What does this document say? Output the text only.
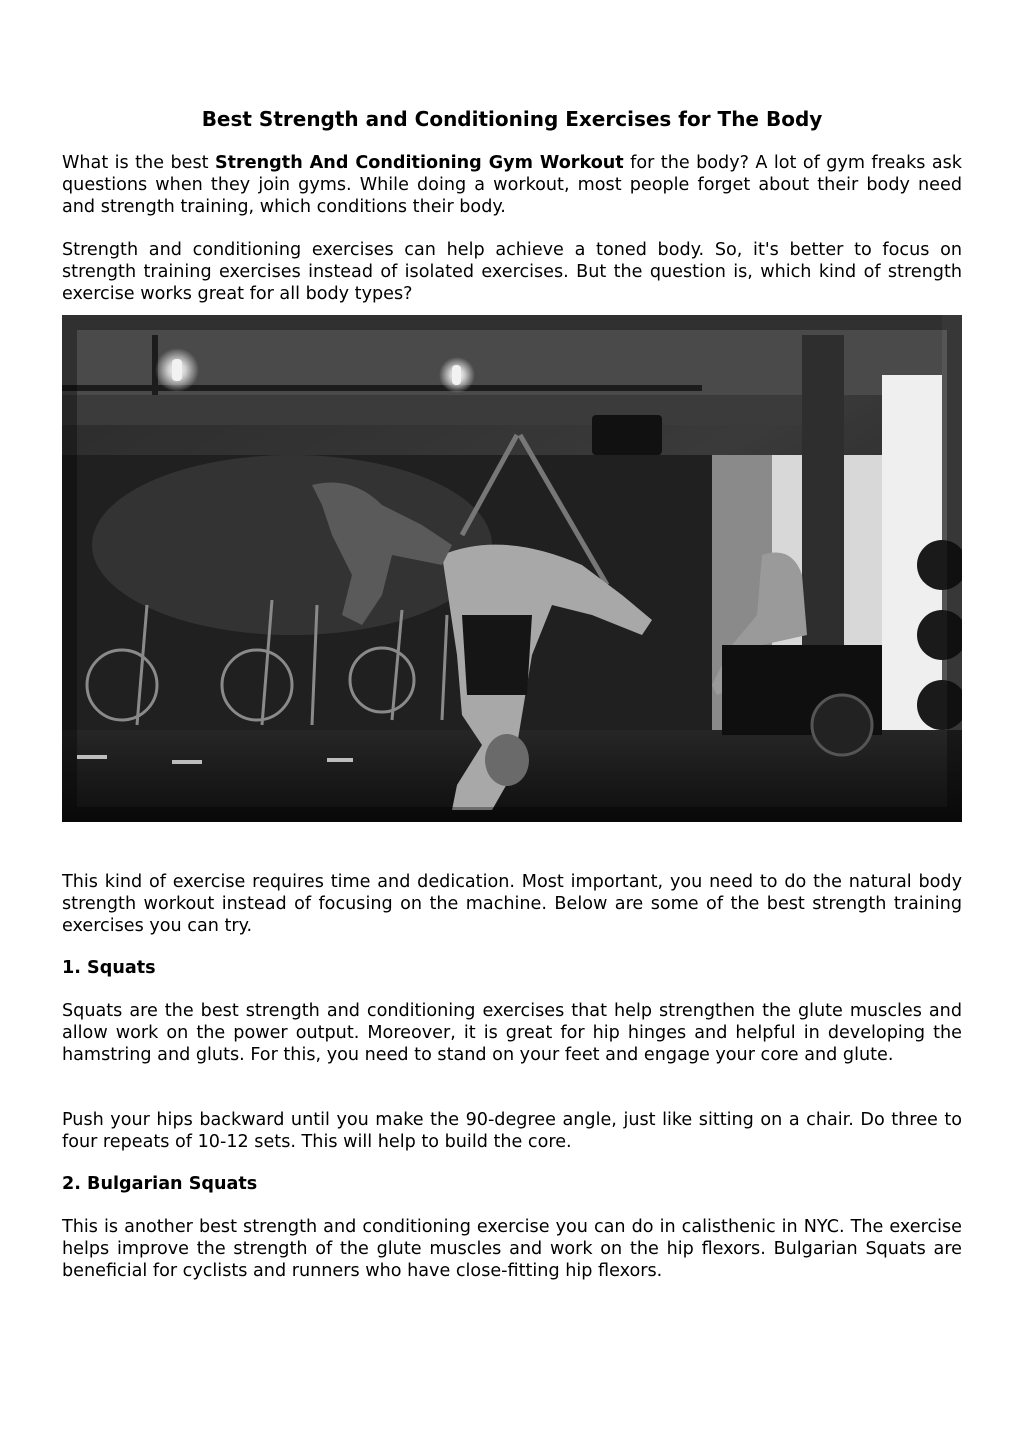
Best Strength and Conditioning Exercises for The Body

What is the best Strength And Conditioning Gym Workout for the body? A lot of gym freaks ask questions when they join gyms. While doing a workout, most people forget about their body need and strength training, which conditions their body.

Strength and conditioning exercises can help achieve a toned body. So, it's better to focus on strength training exercises instead of isolated exercises. But the question is, which kind of strength exercise works great for all body types?

This kind of exercise requires time and dedication. Most important, you need to do the natural body strength workout instead of focusing on the machine. Below are some of the best strength training exercises you can try.

1. Squats

Squats are the best strength and conditioning exercises that help strengthen the glute muscles and allow work on the power output. Moreover, it is great for hip hinges and helpful in developing the hamstring and gluts. For this, you need to stand on your feet and engage your core and glute.

Push your hips backward until you make the 90-degree angle, just like sitting on a chair. Do three to four repeats of 10-12 sets. This will help to build the core.

2. Bulgarian Squats

This is another best strength and conditioning exercise you can do in calisthenic in NYC. The exercise helps improve the strength of the glute muscles and work on the hip flexors. Bulgarian Squats are beneficial for cyclists and runners who have close-fitting hip flexors.
